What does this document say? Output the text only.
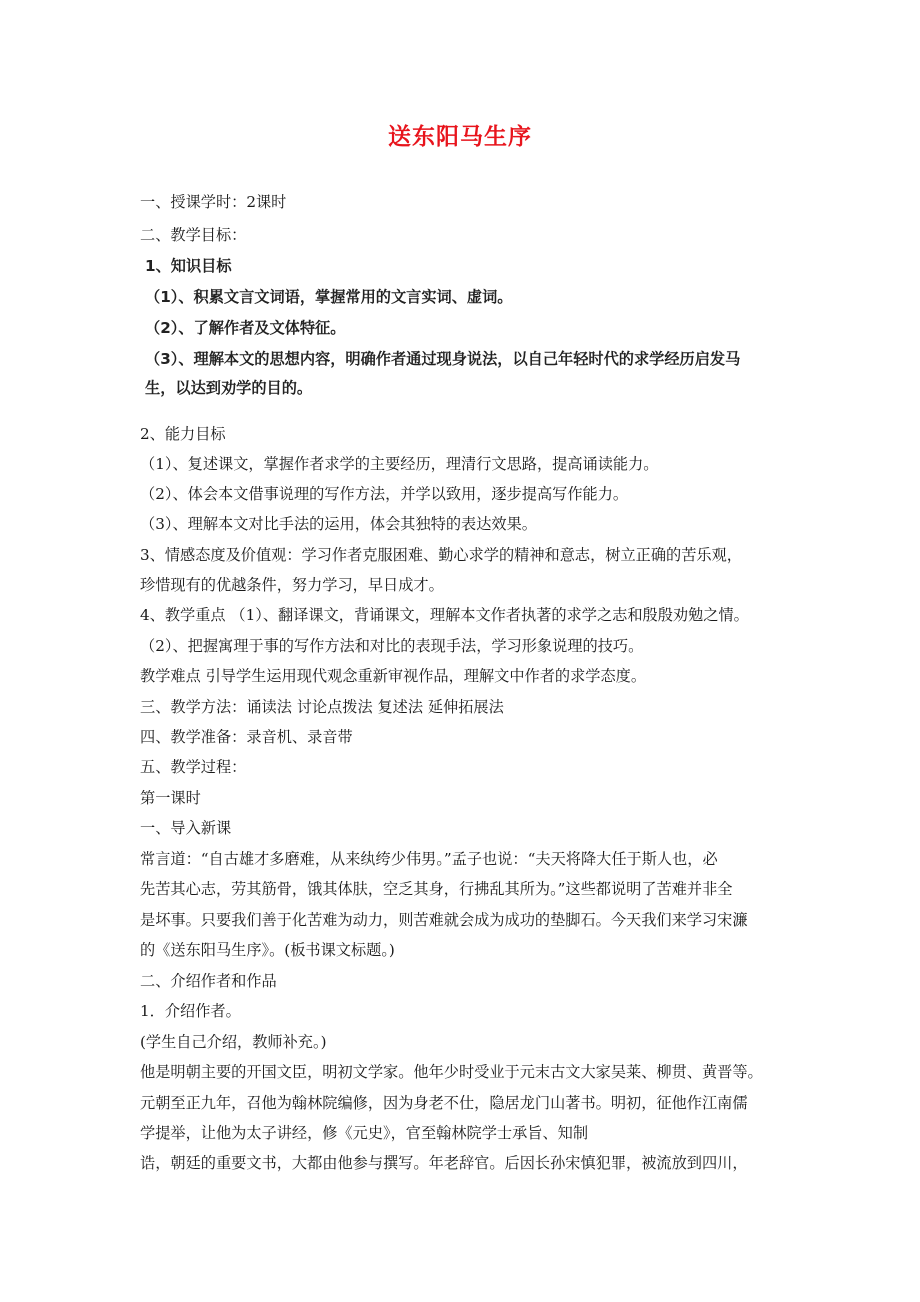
送东阳马生序
一、授课学时：2课时
二、教学目标：
1、知识目标
（1）、积累文言文词语，掌握常用的文言实词、虚词。
（2）、了解作者及文体特征。
（3）、理解本文的思想内容，明确作者通过现身说法，以自己年轻时代的求学经历启发马
生，以达到劝学的目的。
2、能力目标
（1）、复述课文，掌握作者求学的主要经历，理清行文思路，提高诵读能力。
（2）、体会本文借事说理的写作方法，并学以致用，逐步提高写作能力。
（3）、理解本文对比手法的运用，体会其独特的表达效果。
3、情感态度及价值观：学习作者克服困难、勤心求学的精神和意志，树立正确的苦乐观，
珍惜现有的优越条件，努力学习，早日成才。
4、教学重点 （1）、翻译课文，背诵课文，理解本文作者执著的求学之志和殷殷劝勉之情。
（2）、把握寓理于事的写作方法和对比的表现手法，学习形象说理的技巧。
教学难点 引导学生运用现代观念重新审视作品，理解文中作者的求学态度。
三、教学方法：诵读法 讨论点拨法 复述法 延伸拓展法
四、教学准备：录音机、录音带
五、教学过程：
第一课时
一、导入新课
常言道：“自古雄才多磨难，从来纨绔少伟男。”孟子也说：“夫天将降大任于斯人也，必
先苦其心志，劳其筋骨，饿其体肤，空乏其身，行拂乱其所为。”这些都说明了苦难并非全
是坏事。只要我们善于化苦难为动力，则苦难就会成为成功的垫脚石。今天我们来学习宋濂
的《送东阳马生序》。(板书课文标题。)
二、介绍作者和作品
1．介绍作者。
(学生自己介绍，教师补充。)
他是明朝主要的开国文臣，明初文学家。他年少时受业于元末古文大家吴莱、柳贯、黄晋等。
元朝至正九年，召他为翰林院编修，因为身老不仕，隐居龙门山著书。明初，征他作江南儒
学提举，让他为太子讲经，修《元史》，官至翰林院学士承旨、知制
诰，朝廷的重要文书，大都由他参与撰写。年老辞官。后因长孙宋慎犯罪，被流放到四川，
